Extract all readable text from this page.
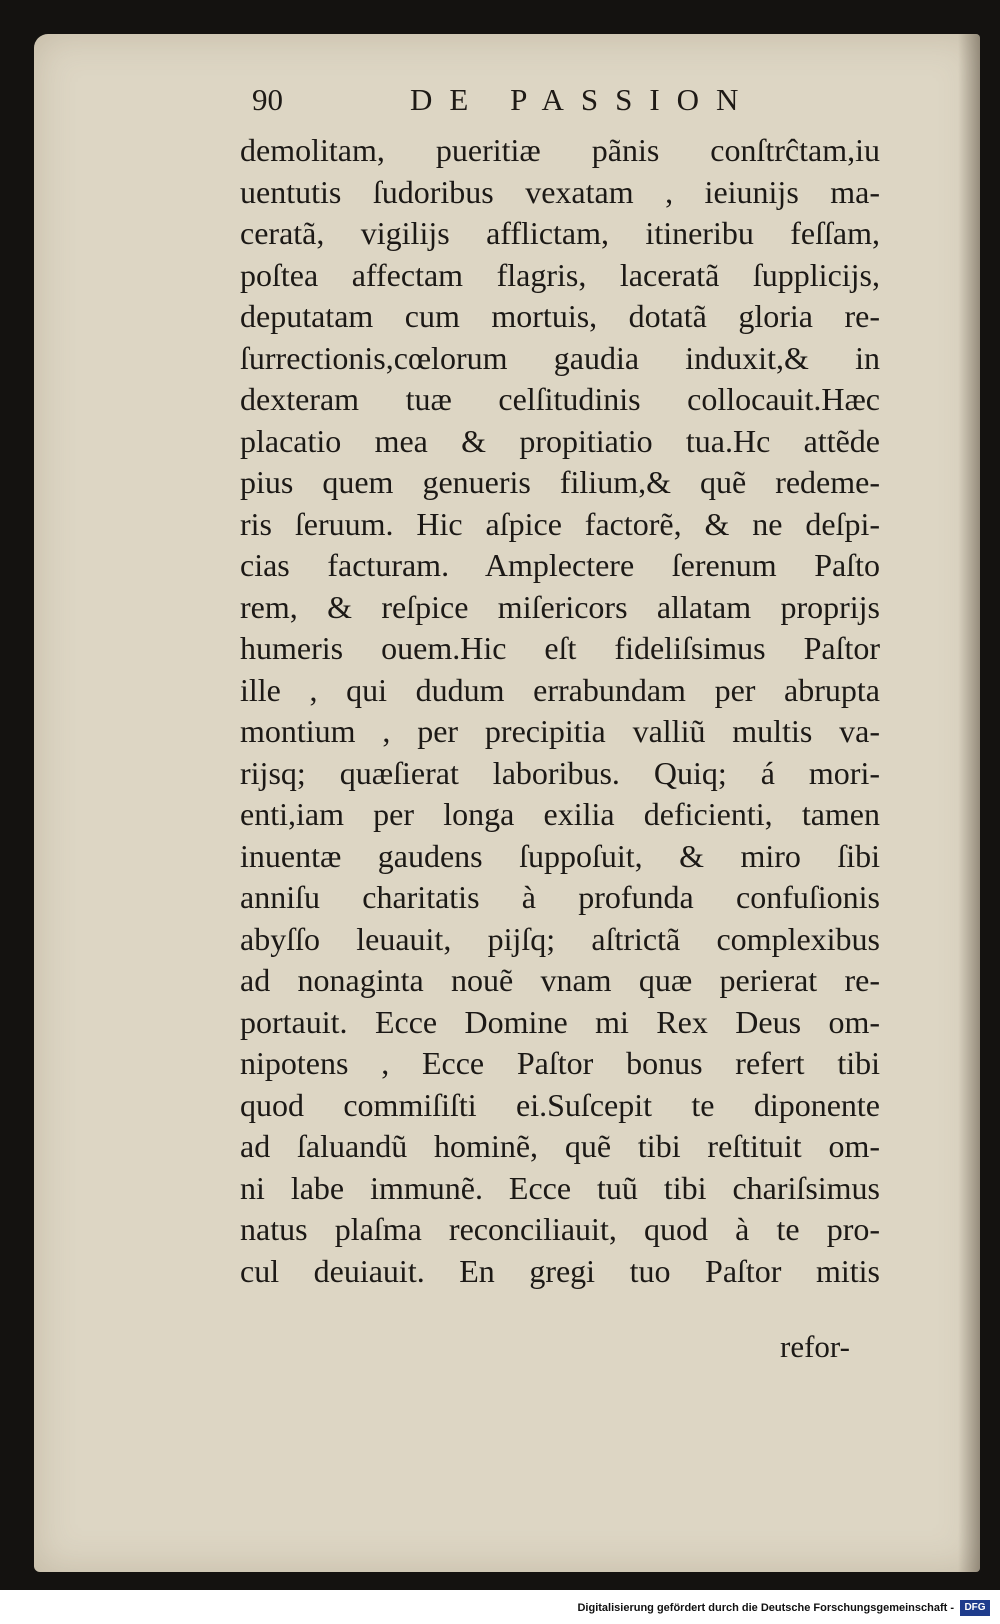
90	DE PASSION
demolitam, pueritiæ pãnis conſtrĉtam,iu
uentutis ſudoribus vexatam , ieiunijs ma-
ceratã, vigilijs afflictam, itineribu feſſam,
poſtea affectam flagris, laceratã ſupplicijs,
deputatam cum mortuis, dotatã gloria re-
ſurrectionis,cœlorum gaudia induxit,& in
dexteram tuæ celſitudinis collocauit.Hæc
placatio mea & propitiatio tua.Hc attẽde
pius quem genueris filium,& quẽ redeme-
ris ſeruum. Hic aſpice factorẽ, & ne deſpi-
cias facturam. Amplectere ſerenum Paſto
rem, & reſpice miſericors allatam proprijs
humeris ouem.Hic eſt fideliſsimus Paſtor
ille , qui dudum errabundam per abrupta
montium , per precipitia valliũ multis va-
rijsq; quæſierat laboribus. Quiq; á mori-
enti,iam per longa exilia deficienti, tamen
inuentæ gaudens ſuppoſuit, & miro ſibi
anniſu charitatis à profunda confuſionis
abyſſo leuauit, pijſq; aſtrictã complexibus
ad nonaginta nouẽ vnam quæ perierat re-
portauit. Ecce Domine mi Rex Deus om-
nipotens , Ecce Paſtor bonus refert tibi
quod commiſiſti ei.Suſcepit te diponente
ad ſaluandũ hominẽ, quẽ tibi reſtituit om-
ni labe immunẽ. Ecce tuũ tibi chariſsimus
natus plaſma reconciliauit, quod à te pro-
cul deuiauit. En gregi tuo Paſtor mitis
refor-
Digitalisierung gefördert durch die Deutsche Forschungsgemeinschaft -	DFG
